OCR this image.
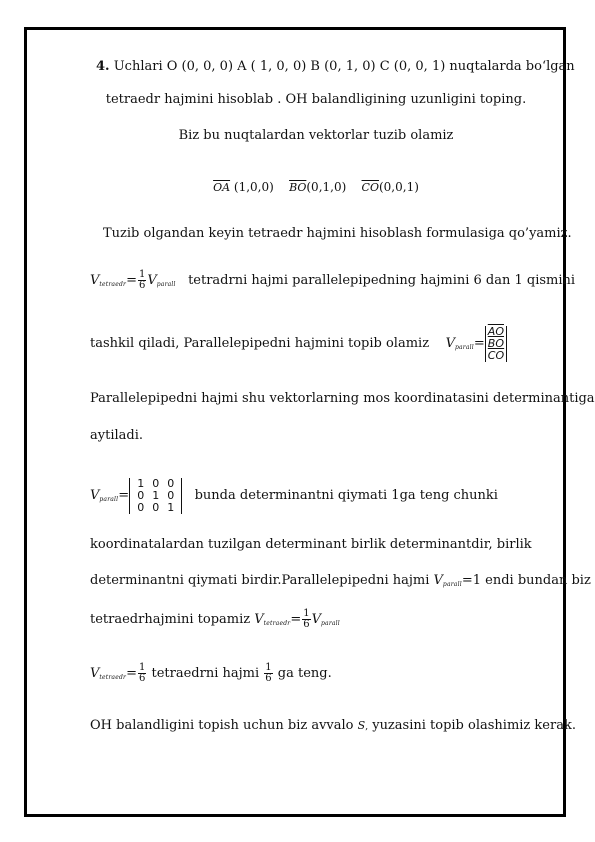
4. Uchlari O (0, 0, 0) A ( 1, 0, 0) B (0, 1, 0) C (0, 0, 1) nuqtalarda bo‘lgan
tetraedr hajmini hisoblab . OH balandligining uzunligini toping.
Biz bu nuqtalardan vektorlar tuzib olamiz
$\overline{OA}$ (1,0,0) $\overline{BO}(0,1,0)$ $\overline{CO}(0,0,1)$
Tuzib olgandan keyin tetraedr hajmini hisoblash formulasiga qo’yamiz.
$V_{tetraedr}= \frac{1}{6} V_{parall}$ tetradrni hajmi parallelepipedning hajmini 6 dan 1 qismini
tashkil qiladi, Parallelepipedni hajmini topib olamiz $V_{parall}=$
$\overline{AO}$
$\overline{BO}$
$\overline{CO}$
Parallelepipedni hajmi shu vektorlarning mos koordinatasini determinantiga
aytiladi.
$V_{parall}=$
1	0	0
0	1	0
0	0	1
bunda determinantni qiymati 1ga teng chunki
koordinatalardan tuzilgan determinant birlik determinantdir, birlik
determinantni qiymati birdir.Parallelepipedni hajmi $V_{parall}=1$ endi bundan biz
tetraedrhajmini topamiz $V_{tetraedr}= \frac{1}{6} V_{parall}$
$V_{tetraedr}= \frac{1}{6}$ tetraedrni hajmi $\frac{1}{6}$ ga teng.
OH balandligini topish uchun biz avvalo S, yuzasini topib olashimiz kerak.
